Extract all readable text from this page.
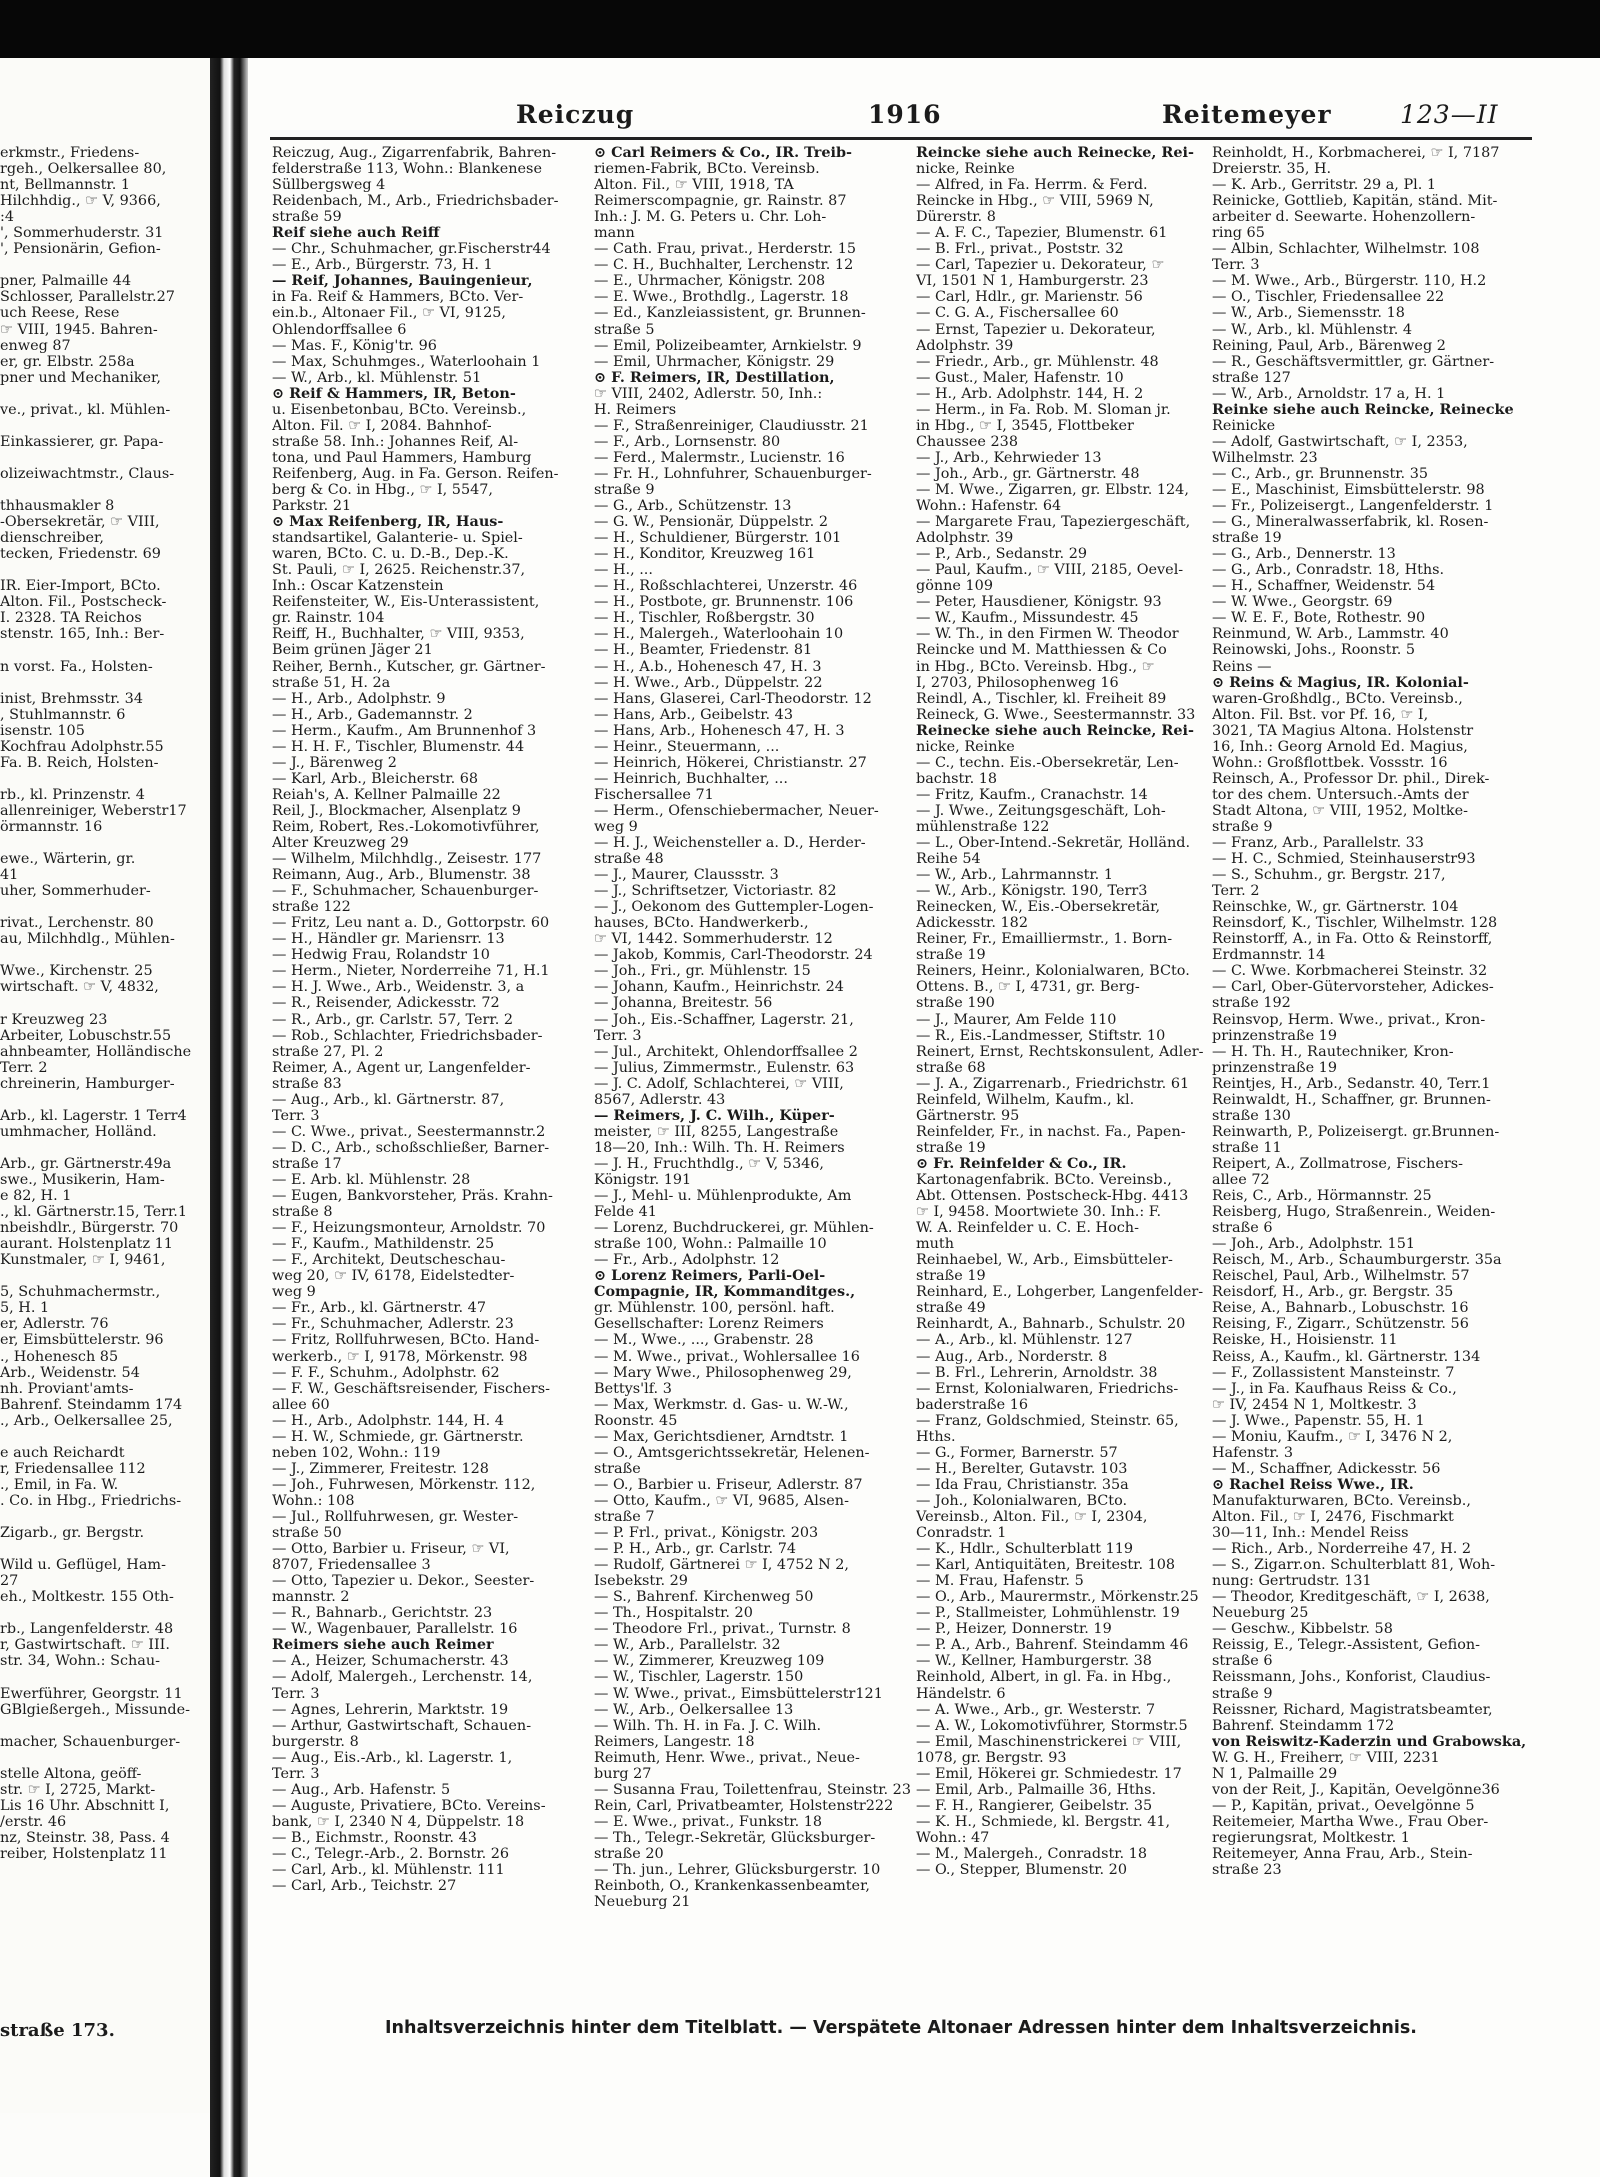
erkmstr., Friedens-

rgeh., Oelkersallee 80,

nt, Bellmannstr. 1

Hilchhdig., ☞ V, 9366,

:4

', Sommerhuderstr. 31

', Pensionärin, Gefion-

pner, Palmaille 44

Schlosser, Parallelstr.27

uch Reese, Rese

☞ VIII, 1945. Bahren-

enweg 87

er, gr. Elbstr. 258a

pner und Mechaniker,

ve., privat., kl. Mühlen-

Einkassierer, gr. Papa-

olizeiwachtmstr., Claus-

thhausmakler 8

-Obersekretär, ☞ VIII,

dienschreiber,

tecken, Friedenstr. 69

IR. Eier-Import, BCto.

Alton. Fil., Postscheck-

I. 2328. TA Reichos

stenstr. 165, Inh.: Ber-

n vorst. Fa., Holsten-

inist, Brehmsstr. 34

, Stuhlmannstr. 6

isenstr. 105

Kochfrau Adolphstr.55

Fa. B. Reich, Holsten-

rb., kl. Prinzenstr. 4

allenreiniger, Weberstr17

örmannstr. 16

ewe., Wärterin, gr.

41

uher, Sommerhuder-

rivat., Lerchenstr. 80

au, Milchhdlg., Mühlen-

Wwe., Kirchenstr. 25

wirtschaft. ☞ V, 4832,

r Kreuzweg 23

Arbeiter, Lobuschstr.55

ahnbeamter, Holländische

Terr. 2

chreinerin, Hamburger-

Arb., kl. Lagerstr. 1 Terr4

umhmacher, Holländ.

Arb., gr. Gärtnerstr.49a

swe., Musikerin, Ham-

e 82, H. 1

., kl. Gärtnerstr.15, Terr.1

nbeishdlr., Bürgerstr. 70

aurant. Holstenplatz 11

Kunstmaler, ☞ I, 9461,

5, Schuhmachermstr.,

5, H. 1

er, Adlerstr. 76

er, Eimsbüttelerstr. 96

., Hohenesch 85

Arb., Weidenstr. 54

nh. Proviant'amts-

Bahrenf. Steindamm 174

., Arb., Oelkersallee 25,

e auch Reichardt

r, Friedensallee 112

., Emil, in Fa. W.

. Co. in Hbg., Friedrichs-

Zigarb., gr. Bergstr.

Wild u. Geflügel, Ham-

27

eh., Moltkestr. 155 Oth-

rb., Langenfelderstr. 48

r, Gastwirtschaft. ☞ III.

str. 34, Wohn.: Schau-

Ewerführer, Georgstr. 11

GBlgießergeh., Missunde-

macher, Schauenburger-

stelle Altona, geöff-

str. ☞ I, 2725, Markt-

Lis 16 Uhr. Abschnitt I,

/erstr. 46

nz, Steinstr. 38, Pass. 4

reiber, Holstenplatz 11

straße 173.
Reiczug	1916	Reitemeyer	123—II

Reiczug, Aug., Zigarrenfabrik, Bahren-

felderstraße 113, Wohn.: Blankenese

Süllbergsweg 4

Reidenbach, M., Arb., Friedrichsbader-

straße 59

Reif siehe auch Reiff

— Chr., Schuhmacher, gr.Fischerstr44

— E., Arb., Bürgerstr. 73, H. 1

— Reif, Johannes, Bauingenieur,

in Fa. Reif & Hammers, BCto. Ver-

ein.b., Altonaer Fil., ☞ VI, 9125,

Ohlendorffsallee 6

— Mas. F., König'tr. 96

— Max, Schuhmges., Waterloohain 1

— W., Arb., kl. Mühlenstr. 51

⊙ Reif & Hammers, IR, Beton-

u. Eisenbetonbau, BCto. Vereinsb.,

Alton. Fil. ☞ I, 2084. Bahnhof-

straße 58. Inh.: Johannes Reif, Al-

tona, und Paul Hammers, Hamburg

Reifenberg, Aug. in Fa. Gerson. Reifen-

berg & Co. in Hbg., ☞ I, 5547,

Parkstr. 21

⊙ Max Reifenberg, IR, Haus-

standsartikel, Galanterie- u. Spiel-

waren, BCto. C. u. D.-B., Dep.-K.

St. Pauli, ☞ I, 2625. Reichenstr.37,

Inh.: Oscar Katzenstein

Reifensteiter, W., Eis-Unterassistent,

gr. Rainstr. 104

Reiff, H., Buchhalter, ☞ VIII, 9353,

Beim grünen Jäger 21

Reiher, Bernh., Kutscher, gr. Gärtner-

straße 51, H. 2a

— H., Arb., Adolphstr. 9

— H., Arb., Gademannstr. 2

— Herm., Kaufm., Am Brunnenhof 3

— H. H. F., Tischler, Blumenstr. 44

— J., Bärenweg 2

— Karl, Arb., Bleicherstr. 68

Reiah's, A. Kellner Palmaille 22

Reil, J., Blockmacher, Alsenplatz 9

Reim, Robert, Res.-Lokomotivführer,

Alter Kreuzweg 29

— Wilhelm, Milchhdlg., Zeisestr. 177

Reimann, Aug., Arb., Blumenstr. 38

— F., Schuhmacher, Schauenburger-

straße 122

— Fritz, Leu nant a. D., Gottorpstr. 60

— H., Händler gr. Mariensrr. 13

— Hedwig Frau, Rolandstr 10

— Herm., Nieter, Norderreihe 71, H.1

— H. J. Wwe., Arb., Weidenstr. 3, a

— R., Reisender, Adickesstr. 72

— R., Arb., gr. Carlstr. 57, Terr. 2

— Rob., Schlachter, Friedrichsbader-

straße 27, Pl. 2

Reimer, A., Agent ur, Langenfelder-

straße 83

— Aug., Arb., kl. Gärtnerstr. 87,

Terr. 3

— C. Wwe., privat., Seestermannstr.2

— D. C., Arb., schoßschließer, Barner-

straße 17

— E. Arb. kl. Mühlenstr. 28

— Eugen, Bankvorsteher, Präs. Krahn-

straße 8

— F., Heizungsmonteur, Arnoldstr. 70

— F., Kaufm., Mathildenstr. 25

— F., Architekt, Deutscheschau-

weg 20, ☞ IV, 6178, Eidelstedter-

weg 9

— Fr., Arb., kl. Gärtnerstr. 47

— Fr., Schuhmacher, Adlerstr. 23

— Fritz, Rollfuhrwesen, BCto. Hand-

werkerb., ☞ I, 9178, Mörkenstr. 98

— F. F., Schuhm., Adolphstr. 62

— F. W., Geschäftsreisender, Fischers-

allee 60

— H., Arb., Adolphstr. 144, H. 4

— H. W., Schmiede, gr. Gärtnerstr.

neben 102, Wohn.: 119

— J., Zimmerer, Freitestr. 128

— Joh., Fuhrwesen, Mörkenstr. 112,

Wohn.: 108

— Jul., Rollfuhrwesen, gr. Wester-

straße 50

— Otto, Barbier u. Friseur, ☞ VI,

8707, Friedensallee 3

— Otto, Tapezier u. Dekor., Seester-

mannstr. 2

— R., Bahnarb., Gerichtstr. 23

— W., Wagenbauer, Parallelstr. 16

Reimers siehe auch Reimer

— A., Heizer, Schumacherstr. 43

— Adolf, Malergeh., Lerchenstr. 14,

Terr. 3

— Agnes, Lehrerin, Marktstr. 19

— Arthur, Gastwirtschaft, Schauen-

burgerstr. 8

— Aug., Eis.-Arb., kl. Lagerstr. 1,

Terr. 3

— Aug., Arb. Hafenstr. 5

— Auguste, Privatiere, BCto. Vereins-

bank, ☞ I, 2340 N 4, Düppelstr. 18

— B., Eichmstr., Roonstr. 43

— C., Telegr.-Arb., 2. Bornstr. 26

— Carl, Arb., kl. Mühlenstr. 111

— Carl, Arb., Teichstr. 27

⊙ Carl Reimers & Co., IR. Treib-

riemen-Fabrik, BCto. Vereinsb.

Alton. Fil., ☞ VIII, 1918, TA

Reimerscompagnie, gr. Rainstr. 87

Inh.: J. M. G. Peters u. Chr. Loh-

mann

— Cath. Frau, privat., Herderstr. 15

— C. H., Buchhalter, Lerchenstr. 12

— E., Uhrmacher, Königstr. 208

— E. Wwe., Brothdlg., Lagerstr. 18

— Ed., Kanzleiassistent, gr. Brunnen-

straße 5

— Emil, Polizeibeamter, Arnkielstr. 9

— Emil, Uhrmacher, Königstr. 29

⊙ F. Reimers, IR, Destillation,

☞ VIII, 2402, Adlerstr. 50, Inh.:

H. Reimers

— F., Straßenreiniger, Claudiusstr. 21

— F., Arb., Lornsenstr. 80

— Ferd., Malermstr., Lucienstr. 16

— Fr. H., Lohnfuhrer, Schauenburger-

straße 9

— G., Arb., Schützenstr. 13

— G. W., Pensionär, Düppelstr. 2

— H., Schuldiener, Bürgerstr. 101

— H., Konditor, Kreuzweg 161

— H., ...

— H., Roßschlachterei, Unzerstr. 46

— H., Postbote, gr. Brunnenstr. 106

— H., Tischler, Roßbergstr. 30

— H., Malergeh., Waterloohain 10

— H., Beamter, Friedenstr. 81

— H., A.b., Hohenesch 47, H. 3

— H. Wwe., Arb., Düppelstr. 22

— Hans, Glaserei, Carl-Theodorstr. 12

— Hans, Arb., Geibelstr. 43

— Hans, Arb., Hohenesch 47, H. 3

— Heinr., Steuermann, ...

— Heinrich, Hökerei, Christianstr. 27

— Heinrich, Buchhalter, ...

Fischersallee 71

— Herm., Ofenschiebermacher, Neuer-

weg 9

— H. J., Weichensteller a. D., Herder-

straße 48

— J., Maurer, Claussstr. 3

— J., Schriftsetzer, Victoriastr. 82

— J., Oekonom des Guttempler-Logen-

hauses, BCto. Handwerkerb.,

☞ VI, 1442. Sommerhuderstr. 12

— Jakob, Kommis, Carl-Theodorstr. 24

— Joh., Fri., gr. Mühlenstr. 15

— Johann, Kaufm., Heinrichstr. 24

— Johanna, Breitestr. 56

— Joh., Eis.-Schaffner, Lagerstr. 21,

Terr. 3

— Jul., Architekt, Ohlendorffsallee 2

— Julius, Zimmermstr., Eulenstr. 63

— J. C. Adolf, Schlachterei, ☞ VIII,

8567, Adlerstr. 43

— Reimers, J. C. Wilh., Küper-

meister, ☞ III, 8255, Langestraße

18—20, Inh.: Wilh. Th. H. Reimers

— J. H., Fruchthdlg., ☞ V, 5346,

Königstr. 191

— J., Mehl- u. Mühlenprodukte, Am

Felde 41

— Lorenz, Buchdruckerei, gr. Mühlen-

straße 100, Wohn.: Palmaille 10

— Fr., Arb., Adolphstr. 12

⊙ Lorenz Reimers, Parli-Oel-

Compagnie, IR, Kommanditges.,

gr. Mühlenstr. 100, persönl. haft.

Gesellschafter: Lorenz Reimers

— M., Wwe., ..., Grabenstr. 28

— M. Wwe., privat., Wohlersallee 16

— Mary Wwe., Philosophenweg 29,

Bettys'lf. 3

— Max, Werkmstr. d. Gas- u. W.-W.,

Roonstr. 45

— Max, Gerichtsdiener, Arndtstr. 1

— O., Amtsgerichtssekretär, Helenen-

straße

— O., Barbier u. Friseur, Adlerstr. 87

— Otto, Kaufm., ☞ VI, 9685, Alsen-

straße 7

— P. Frl., privat., Königstr. 203

— P. H., Arb., gr. Carlstr. 74

— Rudolf, Gärtnerei ☞ I, 4752 N 2,

Isebekstr. 29

— S., Bahrenf. Kirchenweg 50

— Th., Hospitalstr. 20

— Theodore Frl., privat., Turnstr. 8

— W., Arb., Parallelstr. 32

— W., Zimmerer, Kreuzweg 109

— W., Tischler, Lagerstr. 150

— W. Wwe., privat., Eimsbüttelerstr121

— W., Arb., Oelkersallee 13

— Wilh. Th. H. in Fa. J. C. Wilh.

Reimers, Langestr. 18

Reimuth, Henr. Wwe., privat., Neue-

burg 27

— Susanna Frau, Toilettenfrau, Steinstr. 23

Rein, Carl, Privatbeamter, Holstenstr222

— E. Wwe., privat., Funkstr. 18

— Th., Telegr.-Sekretär, Glücksburger-

straße 20

— Th. jun., Lehrer, Glücksburgerstr. 10

Reinboth, O., Krankenkassenbeamter,

Neueburg 21

Reincke siehe auch Reinecke, Rei-

nicke, Reinke

— Alfred, in Fa. Herrm. & Ferd.

Reincke in Hbg., ☞ VIII, 5969 N,

Dürerstr. 8

— A. F. C., Tapezier, Blumenstr. 61

— B. Frl., privat., Poststr. 32

— Carl, Tapezier u. Dekorateur, ☞

VI, 1501 N 1, Hamburgerstr. 23

— Carl, Hdlr., gr. Marienstr. 56

— C. G. A., Fischersallee 60

— Ernst, Tapezier u. Dekorateur,

Adolphstr. 39

— Friedr., Arb., gr. Mühlenstr. 48

— Gust., Maler, Hafenstr. 10

— H., Arb. Adolphstr. 144, H. 2

— Herm., in Fa. Rob. M. Sloman jr.

in Hbg., ☞ I, 3545, Flottbeker

Chaussee 238

— J., Arb., Kehrwieder 13

— Joh., Arb., gr. Gärtnerstr. 48

— M. Wwe., Zigarren, gr. Elbstr. 124,

Wohn.: Hafenstr. 64

— Margarete Frau, Tapeziergeschäft,

Adolphstr. 39

— P., Arb., Sedanstr. 29

— Paul, Kaufm., ☞ VIII, 2185, Oevel-

gönne 109

— Peter, Hausdiener, Königstr. 93

— W., Kaufm., Missundestr. 45

— W. Th., in den Firmen W. Theodor

Reincke und M. Matthiessen & Co

in Hbg., BCto. Vereinsb. Hbg., ☞

I, 2703, Philosophenweg 16

Reindl, A., Tischler, kl. Freiheit 89

Reineck, G. Wwe., Seestermannstr. 33

Reinecke siehe auch Reincke, Rei-

nicke, Reinke

— C., techn. Eis.-Obersekretär, Len-

bachstr. 18

— Fritz, Kaufm., Cranachstr. 14

— J. Wwe., Zeitungsgeschäft, Loh-

mühlenstraße 122

— L., Ober-Intend.-Sekretär, Holländ.

Reihe 54

— W., Arb., Lahrmannstr. 1

— W., Arb., Königstr. 190, Terr3

Reinecken, W., Eis.-Obersekretär,

Adickesstr. 182

Reiner, Fr., Emailliermstr., 1. Born-

straße 19

Reiners, Heinr., Kolonialwaren, BCto.

Ottens. B., ☞ I, 4731, gr. Berg-

straße 190

— J., Maurer, Am Felde 110

— R., Eis.-Landmesser, Stiftstr. 10

Reinert, Ernst, Rechtskonsulent, Adler-

straße 68

— J. A., Zigarrenarb., Friedrichstr. 61

Reinfeld, Wilhelm, Kaufm., kl.

Gärtnerstr. 95

Reinfelder, Fr., in nachst. Fa., Papen-

straße 19

⊙ Fr. Reinfelder & Co., IR.

Kartonagenfabrik. BCto. Vereinsb.,

Abt. Ottensen. Postscheck-Hbg. 4413

☞ I, 9458. Moortwiete 30. Inh.: F.

W. A. Reinfelder u. C. E. Hoch-

muth

Reinhaebel, W., Arb., Eimsbütteler-

straße 19

Reinhard, E., Lohgerber, Langenfelder-

straße 49

Reinhardt, A., Bahnarb., Schulstr. 20

— A., Arb., kl. Mühlenstr. 127

— Aug., Arb., Norderstr. 8

— B. Frl., Lehrerin, Arnoldstr. 38

— Ernst, Kolonialwaren, Friedrichs-

baderstraße 16

— Franz, Goldschmied, Steinstr. 65,

Hths.

— G., Former, Barnerstr. 57

— H., Berelter, Gutavstr. 103

— Ida Frau, Christianstr. 35a

— Joh., Kolonialwaren, BCto.

Vereinsb., Alton. Fil., ☞ I, 2304,

Conradstr. 1

— K., Hdlr., Schulterblatt 119

— Karl, Antiquitäten, Breitestr. 108

— M. Frau, Hafenstr. 5

— O., Arb., Maurermstr., Mörkenstr.25

— P., Stallmeister, Lohmühlenstr. 19

— P., Heizer, Donnerstr. 19

— P. A., Arb., Bahrenf. Steindamm 46

— W., Kellner, Hamburgerstr. 38

Reinhold, Albert, in gl. Fa. in Hbg.,

Händelstr. 6

— A. Wwe., Arb., gr. Westerstr. 7

— A. W., Lokomotivführer, Stormstr.5

— Emil, Maschinenstrickerei ☞ VIII,

1078, gr. Bergstr. 93

— Emil, Hökerei gr. Schmiedestr. 17

— Emil, Arb., Palmaille 36, Hths.

— F. H., Rangierer, Geibelstr. 35

— K. H., Schmiede, kl. Bergstr. 41,

Wohn.: 47

— M., Malergeh., Conradstr. 18

— O., Stepper, Blumenstr. 20

Reinholdt, H., Korbmacherei, ☞ I, 7187

Dreierstr. 35, H.

— K. Arb., Gerritstr. 29 a, Pl. 1

Reinicke, Gottlieb, Kapitän, ständ. Mit-

arbeiter d. Seewarte. Hohenzollern-

ring 65

— Albin, Schlachter, Wilhelmstr. 108

Terr. 3

— M. Wwe., Arb., Bürgerstr. 110, H.2

— O., Tischler, Friedensallee 22

— W., Arb., Siemensstr. 18

— W., Arb., kl. Mühlenstr. 4

Reining, Paul, Arb., Bärenweg 2

— R., Geschäftsvermittler, gr. Gärtner-

straße 127

— W., Arb., Arnoldstr. 17 a, H. 1

Reinke siehe auch Reincke, Reinecke

Reinicke

— Adolf, Gastwirtschaft, ☞ I, 2353,

Wilhelmstr. 23

— C., Arb., gr. Brunnenstr. 35

— E., Maschinist, Eimsbüttelerstr. 98

— Fr., Polizeisergt., Langenfelderstr. 1

— G., Mineralwasserfabrik, kl. Rosen-

straße 19

— G., Arb., Dennerstr. 13

— G., Arb., Conradstr. 18, Hths.

— H., Schaffner, Weidenstr. 54

— W. Wwe., Georgstr. 69

— W. E. F., Bote, Rothestr. 90

Reinmund, W. Arb., Lammstr. 40

Reinowski, Johs., Roonstr. 5

Reins —

⊙ Reins & Magius, IR. Kolonial-

waren-Großhdlg., BCto. Vereinsb.,

Alton. Fil. Bst. vor Pf. 16, ☞ I,

3021, TA Magius Altona. Holstenstr

16, Inh.: Georg Arnold Ed. Magius,

Wohn.: Großflottbek. Vossstr. 16

Reinsch, A., Professor Dr. phil., Direk-

tor des chem. Untersuch.-Amts der

Stadt Altona, ☞ VIII, 1952, Moltke-

straße 9

— Franz, Arb., Parallelstr. 33

— H. C., Schmied, Steinhauserstr93

— S., Schuhm., gr. Bergstr. 217,

Terr. 2

Reinschke, W., gr. Gärtnerstr. 104

Reinsdorf, K., Tischler, Wilhelmstr. 128

Reinstorff, A., in Fa. Otto & Reinstorff,

Erdmannstr. 14

— C. Wwe. Korbmacherei Steinstr. 32

— Carl, Ober-Gütervorsteher, Adickes-

straße 192

Reinsvop, Herm. Wwe., privat., Kron-

prinzenstraße 19

— H. Th. H., Rautechniker, Kron-

prinzenstraße 19

Reintjes, H., Arb., Sedanstr. 40, Terr.1

Reinwaldt, H., Schaffner, gr. Brunnen-

straße 130

Reinwarth, P., Polizeisergt. gr.Brunnen-

straße 11

Reipert, A., Zollmatrose, Fischers-

allee 72

Reis, C., Arb., Hörmannstr. 25

Reisberg, Hugo, Straßenrein., Weiden-

straße 6

— Joh., Arb., Adolphstr. 151

Reisch, M., Arb., Schaumburgerstr. 35a

Reischel, Paul, Arb., Wilhelmstr. 57

Reisdorf, H., Arb., gr. Bergstr. 35

Reise, A., Bahnarb., Lobuschstr. 16

Reising, F., Zigarr., Schützenstr. 56

Reiske, H., Hoisienstr. 11

Reiss, A., Kaufm., kl. Gärtnerstr. 134

— F., Zollassistent Mansteinstr. 7

— J., in Fa. Kaufhaus Reiss & Co.,

☞ IV, 2454 N 1, Moltkestr. 3

— J. Wwe., Papenstr. 55, H. 1

— Moniu, Kaufm., ☞ I, 3476 N 2,

Hafenstr. 3

— M., Schaffner, Adickesstr. 56

⊙ Rachel Reiss Wwe., IR.

Manufakturwaren, BCto. Vereinsb.,

Alton. Fil., ☞ I, 2476, Fischmarkt

30—11, Inh.: Mendel Reiss

— Rich., Arb., Norderreihe 47, H. 2

— S., Zigarr.on. Schulterblatt 81, Woh-

nung: Gertrudstr. 131

— Theodor, Kreditgeschäft, ☞ I, 2638,

Neueburg 25

— Geschw., Kibbelstr. 58

Reissig, E., Telegr.-Assistent, Gefion-

straße 6

Reissmann, Johs., Konforist, Claudius-

straße 9

Reissner, Richard, Magistratsbeamter,

Bahrenf. Steindamm 172

von Reiswitz-Kaderzin und Grabowska,

W. G. H., Freiherr, ☞ VIII, 2231

N 1, Palmaille 29

von der Reit, J., Kapitän, Oevelgönne36

— P., Kapitän, privat., Oevelgönne 5

Reitemeier, Martha Wwe., Frau Ober-

regierungsrat, Moltkestr. 1

Reitemeyer, Anna Frau, Arb., Stein-

straße 23

Inhaltsverzeichnis hinter dem Titelblatt. — Verspätete Altonaer Adressen hinter dem Inhaltsverzeichnis.
